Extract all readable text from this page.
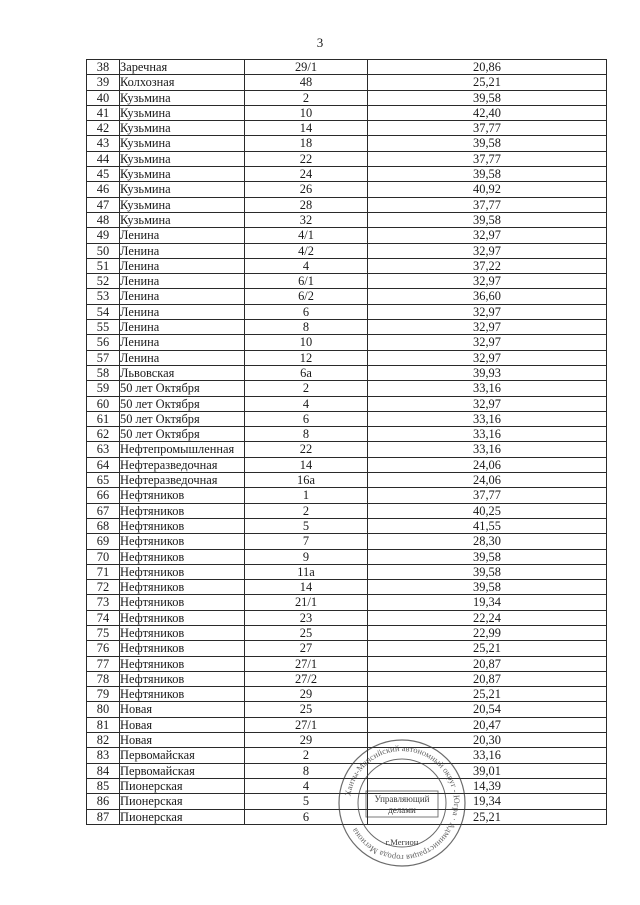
3
38	Заречная	29/1	20,86
39	Колхозная	48	25,21
40	Кузьмина	2	39,58
41	Кузьмина	10	42,40
42	Кузьмина	14	37,77
43	Кузьмина	18	39,58
44	Кузьмина	22	37,77
45	Кузьмина	24	39,58
46	Кузьмина	26	40,92
47	Кузьмина	28	37,77
48	Кузьмина	32	39,58
49	Ленина	4/1	32,97
50	Ленина	4/2	32,97
51	Ленина	4	37,22
52	Ленина	6/1	32,97
53	Ленина	6/2	36,60
54	Ленина	6	32,97
55	Ленина	8	32,97
56	Ленина	10	32,97
57	Ленина	12	32,97
58	Львовская	6а	39,93
59	50 лет Октября	2	33,16
60	50 лет Октября	4	32,97
61	50 лет Октября	6	33,16
62	50 лет Октября	8	33,16
63	Нефтепромышленная	22	33,16
64	Нефтеразведочная	14	24,06
65	Нефтеразведочная	16а	24,06
66	Нефтяников	1	37,77
67	Нефтяников	2	40,25
68	Нефтяников	5	41,55
69	Нефтяников	7	28,30
70	Нефтяников	9	39,58
71	Нефтяников	11а	39,58
72	Нефтяников	14	39,58
73	Нефтяников	21/1	19,34
74	Нефтяников	23	22,24
75	Нефтяников	25	22,99
76	Нефтяников	27	25,21
77	Нефтяников	27/1	20,87
78	Нефтяников	27/2	20,87
79	Нефтяников	29	25,21
80	Новая	25	20,54
81	Новая	27/1	20,47
82	Новая	29	20,30
83	Первомайская	2	33,16
84	Первомайская	8	39,01
85	Пионерская	4	14,39
86	Пионерская	5	19,34
87	Пионерская	6	25,21
Ханты-Мансийский автономный округ - Югра · Администрация города Мегиона
Управляющий
делами
г.Мегион
